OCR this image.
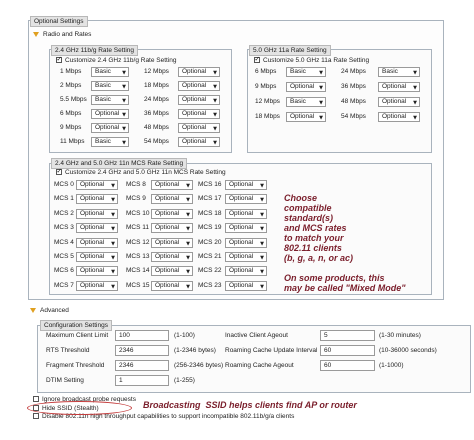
Optional Settings
Radio and Rates
2.4 GHz 11b/g Rate Setting
✓Customize 2.4 GHz 11b/g Rate Setting
1 Mbps	Basic ▼	12 Mbps	Optional ▼
2 Mbps	Basic ▼	18 Mbps	Optional ▼
5.5 Mbps	Basic ▼	24 Mbps	Optional ▼
6 Mbps	Optional ▼	36 Mbps	Optional ▼
9 Mbps	Optional ▼	48 Mbps	Optional ▼
11 Mbps	Basic ▼	54 Mbps	Optional ▼
5.0 GHz 11a Rate Setting
✓Customize 5.0 GHz 11a Rate Setting
6 Mbps	Basic	▼	24 Mbps	Basic	▼
9 Mbps	Optional ▼	36 Mbps	Optional ▼
12 Mbps	Basic	▼	48 Mbps	Optional ▼
18 Mbps	Optional ▼	54 Mbps	Optional ▼
2.4 GHz and 5.0 GHz 11n MCS Rate Setting
✓Customize 2.4 GHz and 5.0 GHz 11n MCS Rate Setting
MCS 0 Optional ▼ MCS 8	Optional ▼ MCS 16	Optional ▼
MCS 1 Optional ▼ MCS 9	Optional ▼ MCS 17	Optional ▼
MCS 2 Optional ▼ MCS 10 Optional ▼ MCS 18	Optional ▼
MCS 3 Optional ▼ MCS 11 Optional ▼ MCS 19	Optional ▼
MCS 4 Optional ▼ MCS 12 Optional ▼ MCS 20	Optional ▼
MCS 5 Optional ▼ MCS 13 Optional ▼ MCS 21	Optional ▼
MCS 6 Optional ▼ MCS 14 Optional ▼ MCS 22	Optional ▼
MCS 7 Optional ▼ MCS 15 Optional ▼ MCS 23	Optional ▼
Choose
compatible
standard(s)
and MCS rates
to match your
802.11 clients
(b, g, a, n, or ac)

On some products, this
may be called "Mixed Mode"
Advanced
Configuration Settings
Maximum Client Limit	100	(1-100)	Inactive Client Ageout	5	(1-30 minutes)
RTS Threshold	2346	(1-2346 bytes) Roaming Cache Update Interval	60	(10-36000 seconds)
Fragment Threshold	2346	(256-2346 bytes) Roaming Cache Ageout	60	(1-1000)
DTIM Setting	1	(1-255)
Ignore broadcast probe requests
Hide SSID (Stealth)
Disable 802.11n high throughput capabilities to support incompatible 802.11b/g/a clients
Broadcasting  SSID helps clients find AP or router
